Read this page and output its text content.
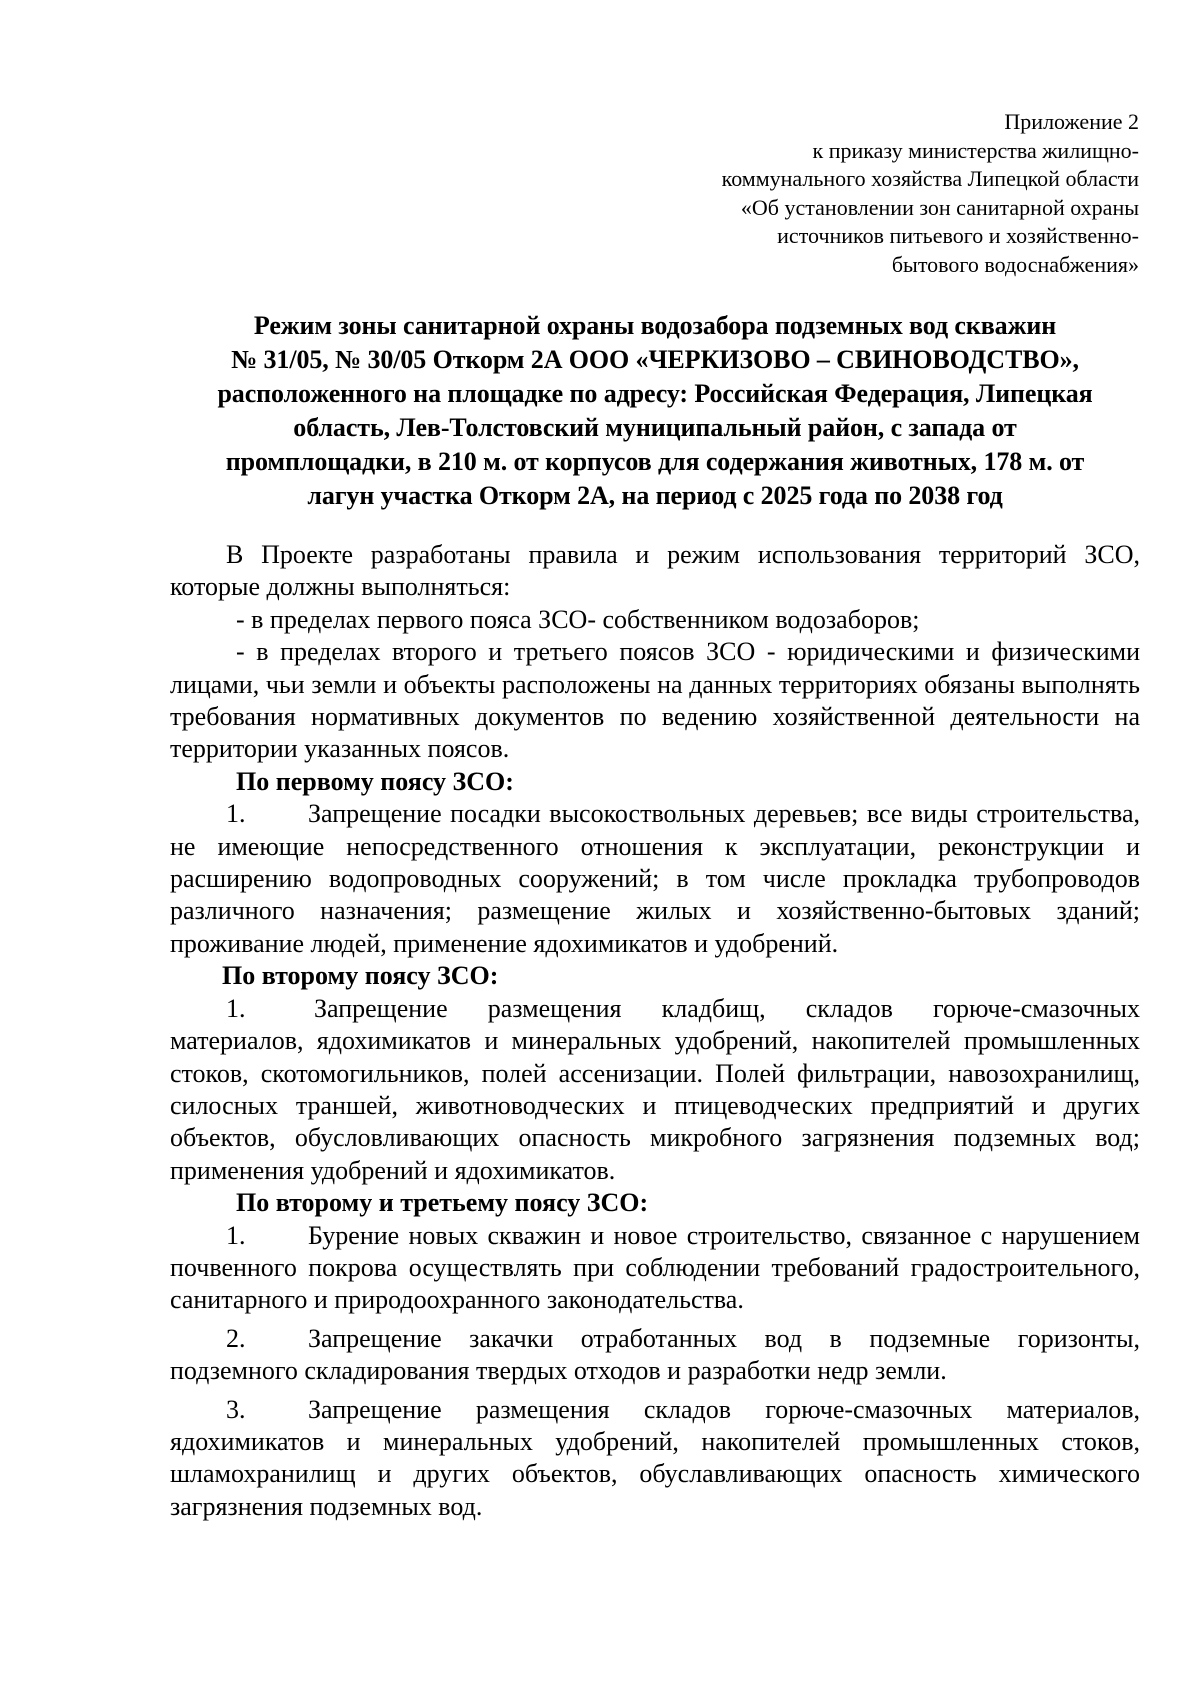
Приложение 2
к приказу министерства жилищно-
коммунального хозяйства Липецкой области
«Об установлении зон санитарной охраны
источников питьевого и хозяйственно-
бытового водоснабжения»
Режим зоны санитарной охраны водозабора подземных вод скважин
№ 31/05, № 30/05 Откорм 2А ООО «ЧЕРКИЗОВО – СВИНОВОДСТВО»,
расположенного на площадке по адресу: Российская Федерация, Липецкая
область, Лев-Толстовский муниципальный район, с запада от
промплощадки, в 210 м. от корпусов для содержания животных, 178 м. от
лагун участка Откорм 2А, на период с 2025 года по 2038 год
В Проекте разработаны правила и режим использования территорий ЗСО, которые должны выполняться:
- в пределах первого пояса ЗСО- собственником водозаборов;
- в пределах второго и третьего поясов ЗСО - юридическими и физическими лицами, чьи земли и объекты расположены на данных территориях обязаны выполнять требования нормативных документов по ведению хозяйственной деятельности на территории указанных поясов.
По первому поясу ЗСО:
1. Запрещение посадки высокоствольных деревьев; все виды строительства, не имеющие непосредственного отношения к эксплуатации, реконструкции и расширению водопроводных сооружений; в том числе прокладка трубопроводов различного назначения; размещение жилых и хозяйственно-бытовых зданий; проживание людей, применение ядохимикатов и удобрений.
По второму поясу ЗСО:
1.	Запрещение размещения кладбищ, складов горюче-смазочных материалов, ядохимикатов и минеральных удобрений, накопителей промышленных стоков, скотомогильников, полей ассенизации. Полей фильтрации, навозохранилищ, силосных траншей, животноводческих и птицеводческих предприятий и других объектов, обусловливающих опасность микробного загрязнения подземных вод; применения удобрений и ядохимикатов.
По второму и третьему поясу ЗСО:
1. Бурение новых скважин и новое строительство, связанное с нарушением почвенного покрова осуществлять при соблюдении требований градостроительного, санитарного и природоохранного законодательства.
2. Запрещение закачки отработанных вод в подземные горизонты, подземного складирования твердых отходов и разработки недр земли.
3. Запрещение размещения складов горюче-смазочных материалов, ядохимикатов и минеральных удобрений, накопителей промышленных стоков, шламохранилищ и других объектов, обуславливающих опасность химического загрязнения подземных вод.
